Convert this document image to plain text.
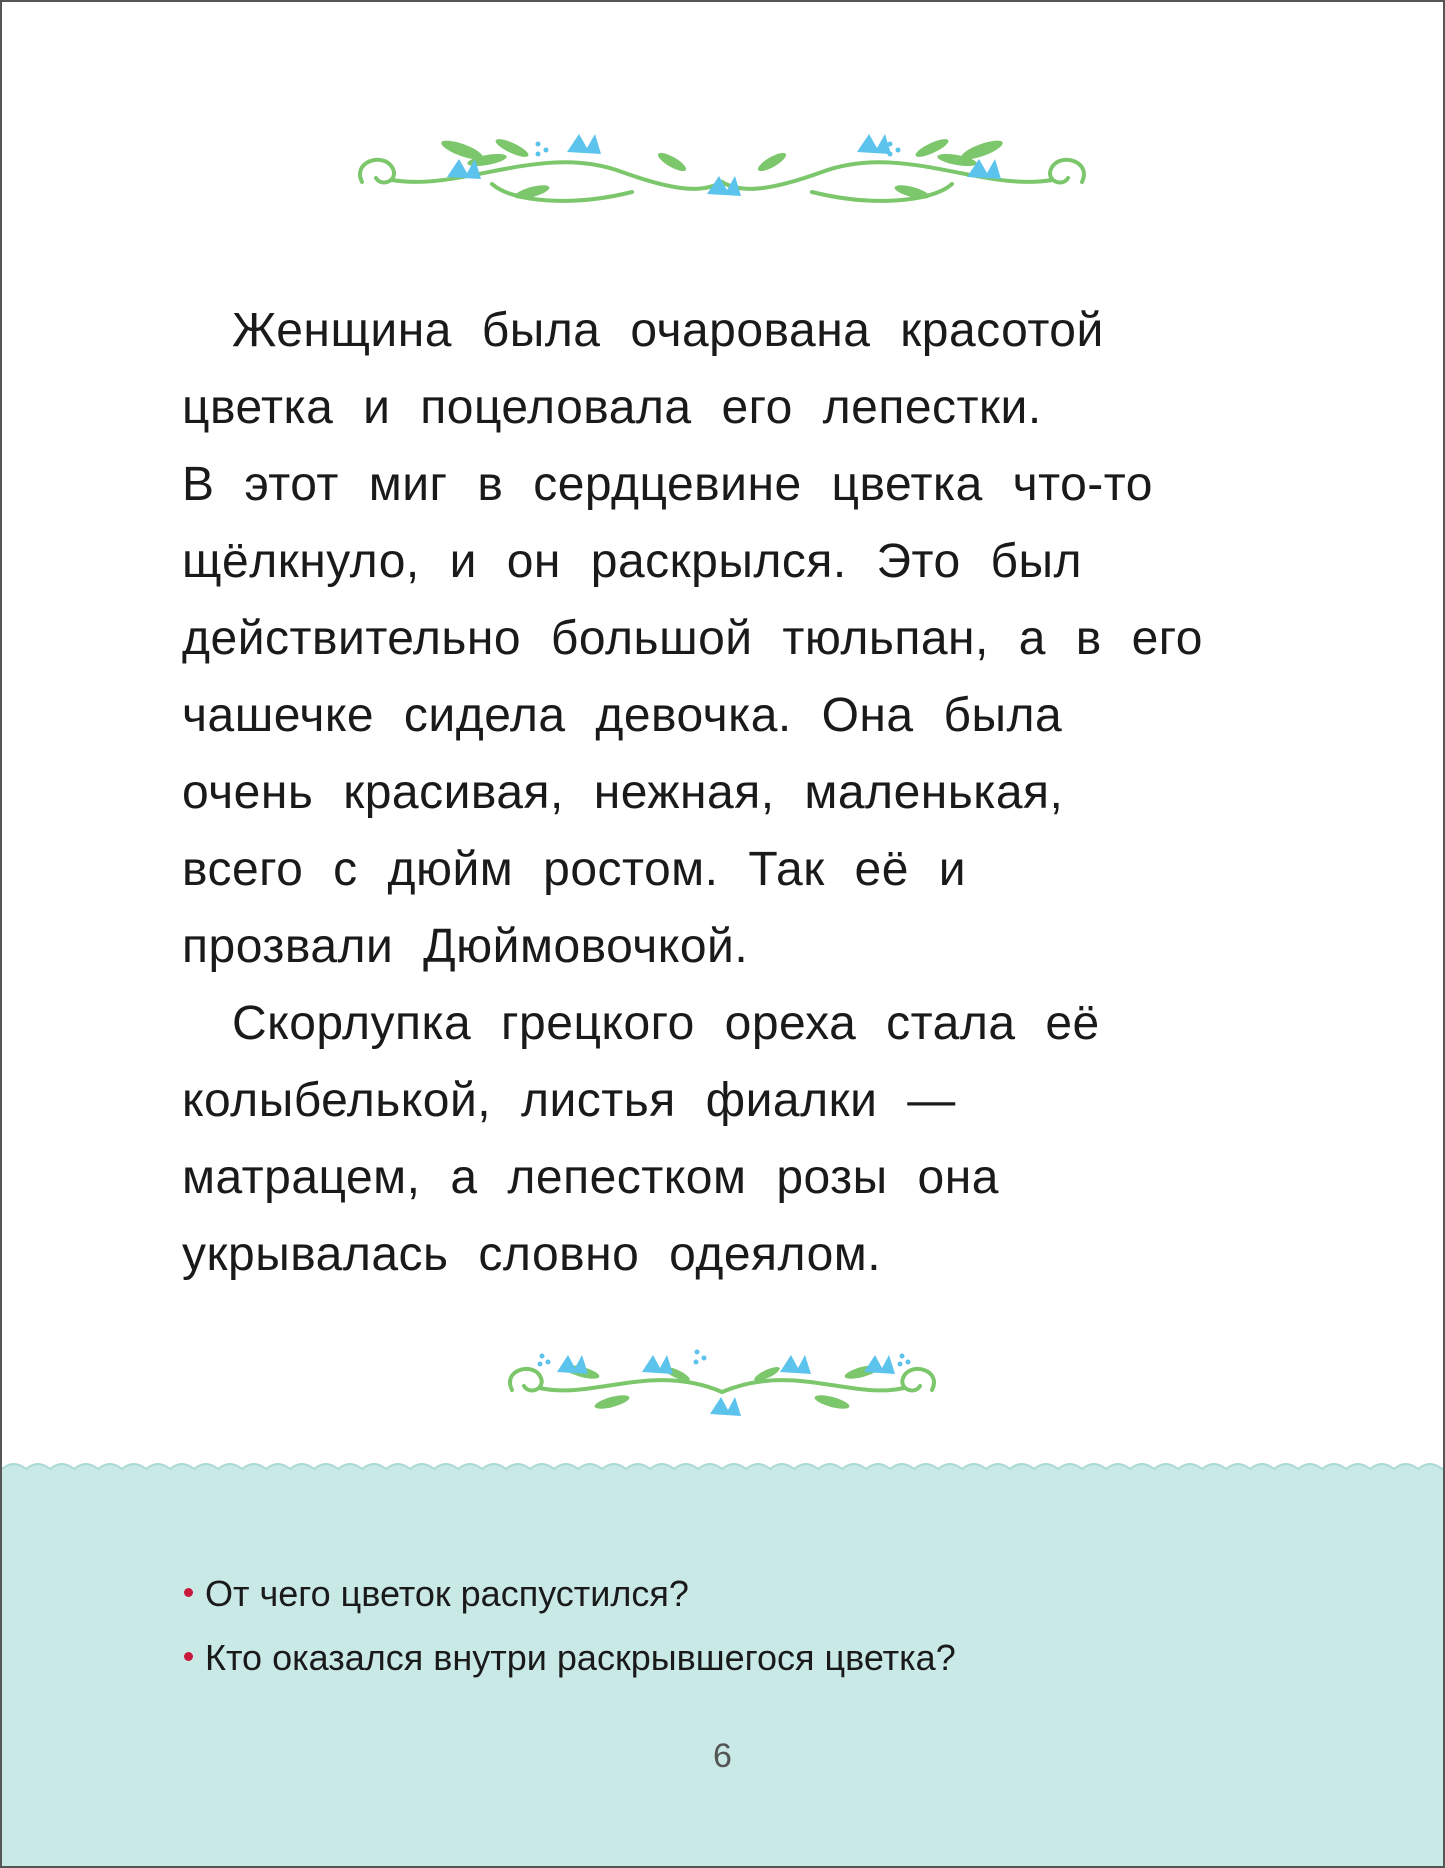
Женщина была очарована красотой
цветка и поцеловала его лепестки.
В этот миг в сердцевине цветка что-то
щёлкнуло, и он раскрылся. Это был
действительно большой тюльпан, а в его
чашечке сидела девочка. Она была
очень красивая, нежная, маленькая,
всего с дюйм ростом. Так её и
прозвали Дюймовочкой.
Скорлупка грецкого ореха стала её
колыбелькой, листья фиалки —
матрацем, а лепестком розы она
укрывалась словно одеялом.
От чего цветок распустился?
Кто оказался внутри раскрывшегося цветка?
6
